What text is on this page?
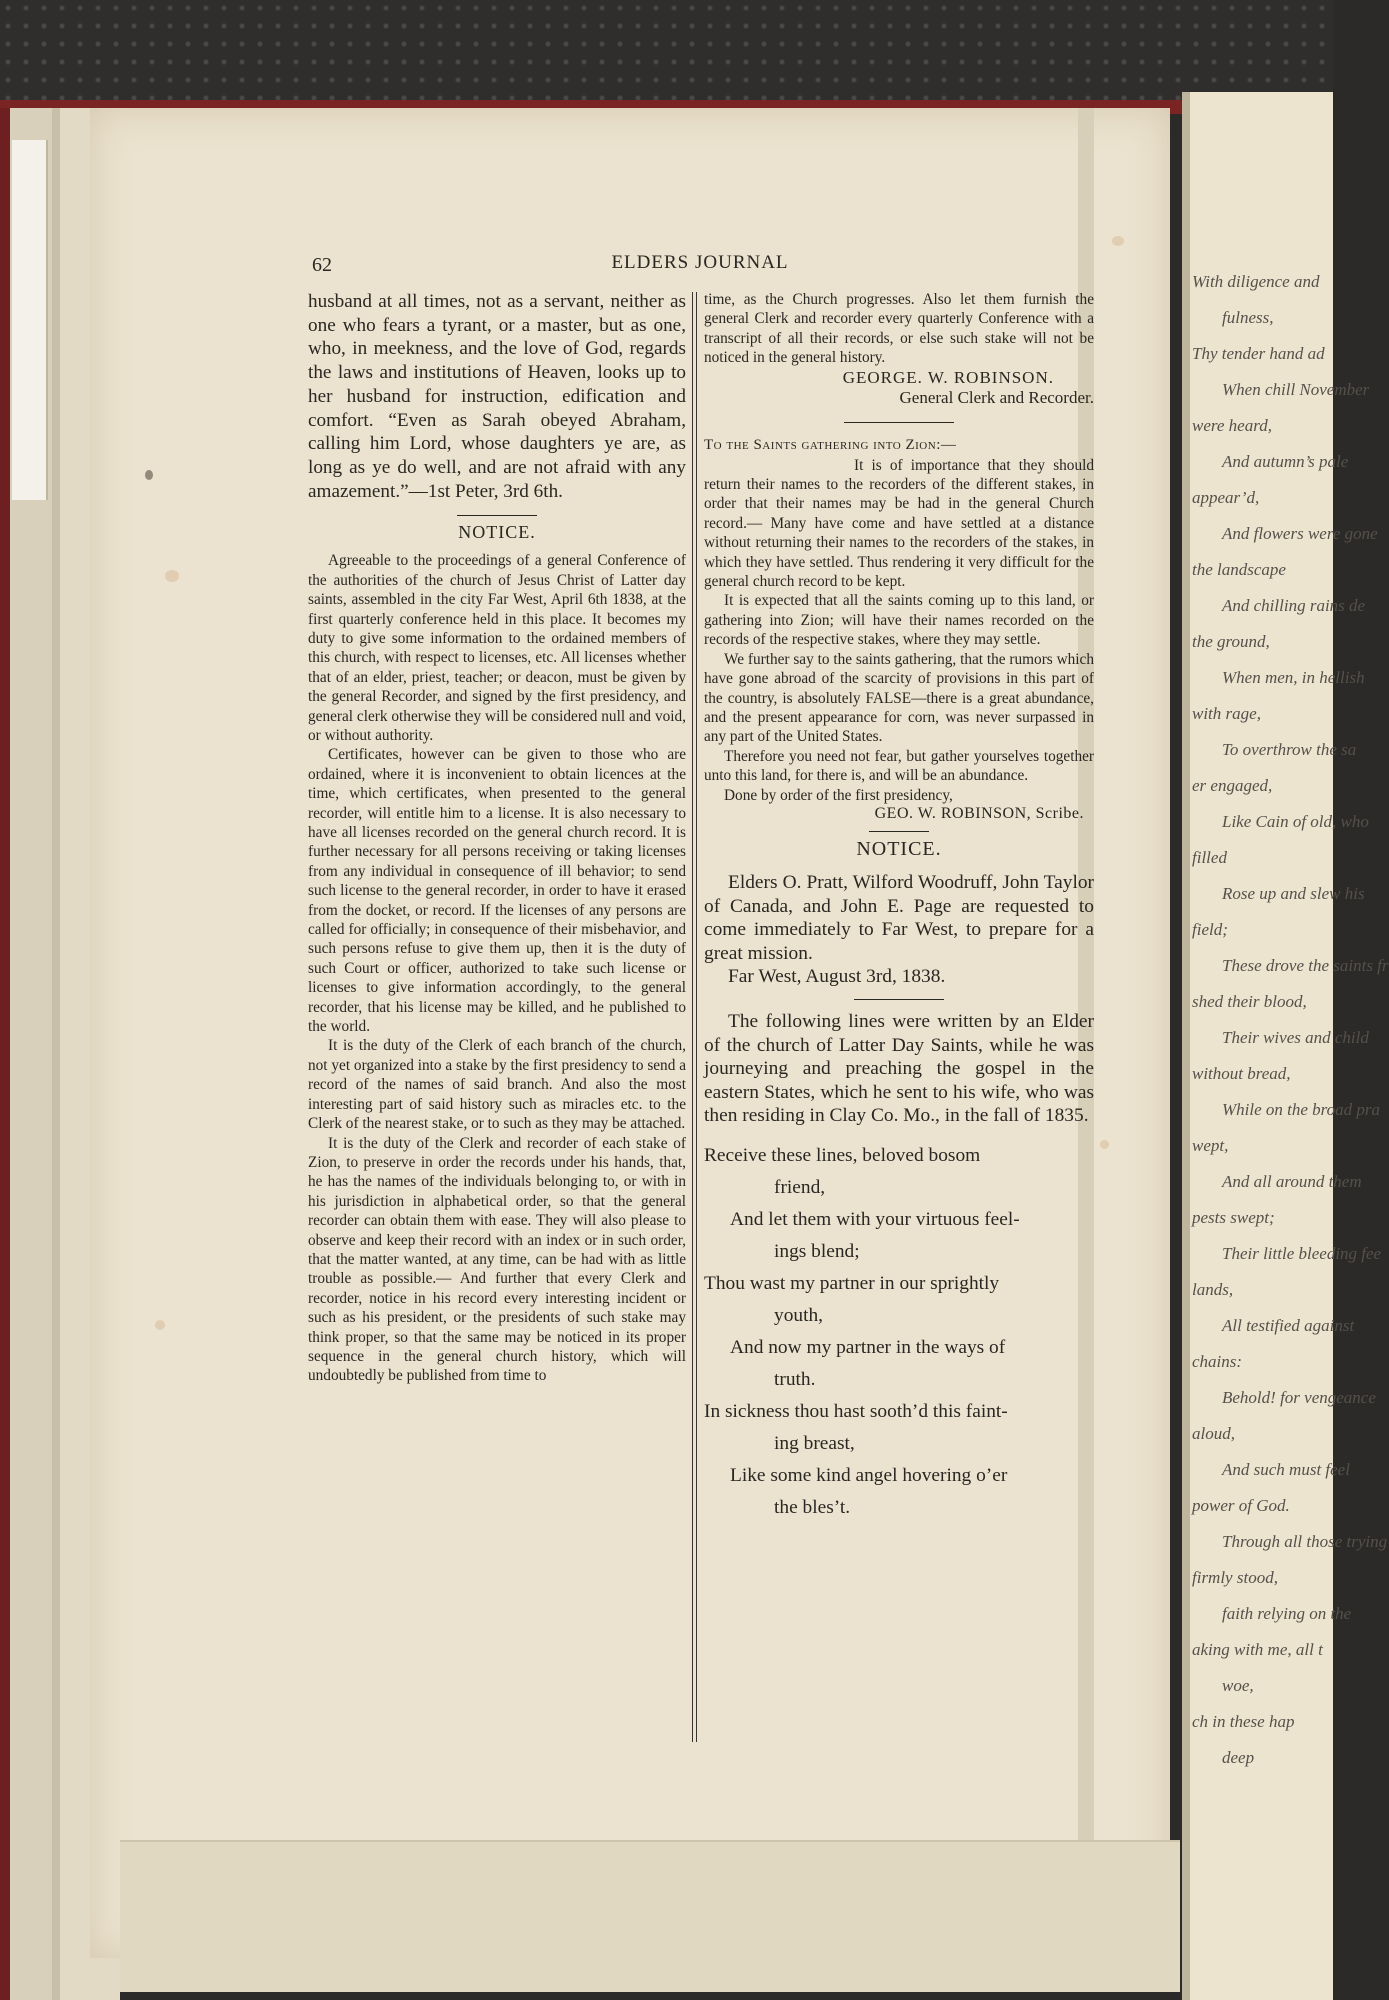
With diligence and
fulness,
Thy tender hand ad
When chill November
were heard,
And autumn’s pale
appear’d,
And flowers were gone
the landscape
And chilling rains de
the ground,
When men, in hellish
with rage,
To overthrow the sa
er engaged,
Like Cain of old, who
filled
Rose up and slew his
field;
These drove the saints fr
shed their blood,
Their wives and child
without bread,
While on the broad pra
wept,
And all around them
pests swept;
Their little bleeding fee
lands,
All testified against
chains:
Behold! for vengeance
aloud,
And such must feel
power of God.
Through all those trying
firmly stood,
faith relying on the
aking with me, all t
woe,
ch in these hap
deep
62	ELDERS JOURNAL

husband at all times, not as a servant, neither as one who fears a tyrant, or a master, but as one, who, in meekness, and the love of God, regards the laws and institutions of Heaven, looks up to her husband for instruction, edification and comfort. “Even as Sarah obeyed Abraham, calling him Lord, whose daughters ye are, as long as ye do well, and are not afraid with any amazement.”—1st Peter, 3rd 6th.

NOTICE.

Agreeable to the proceedings of a general Conference of the authorities of the church of Jesus Christ of Latter day saints, assembled in the city Far West, April 6th 1838, at the first quarterly conference held in this place. It becomes my duty to give some information to the ordained members of this church, with respect to licenses, etc. All licenses whether that of an elder, priest, teacher; or deacon, must be given by the general Recorder, and signed by the first presidency, and general clerk otherwise they will be considered null and void, or without authority.

Certificates, however can be given to those who are ordained, where it is inconvenient to obtain licences at the time, which certificates, when presented to the general recorder, will entitle him to a license. It is also necessary to have all licenses recorded on the general church record. It is further necessary for all persons receiving or taking licenses from any individual in consequence of ill behavior; to send such license to the general recorder, in order to have it erased from the docket, or record. If the licenses of any persons are called for officially; in consequence of their misbehavior, and such persons refuse to give them up, then it is the duty of such Court or officer, authorized to take such license or licenses to give information accordingly, to the general recorder, that his license may be killed, and he published to the world.

It is the duty of the Clerk of each branch of the church, not yet organized into a stake by the first presidency to send a record of the names of said branch. And also the most interesting part of said history such as miracles etc. to the Clerk of the nearest stake, or to such as they may be attached.

It is the duty of the Clerk and recorder of each stake of Zion, to preserve in order the records under his hands, that, he has the names of the individuals belonging to, or with in his jurisdiction in alphabetical order, so that the general recorder can obtain them with ease. They will also please to observe and keep their record with an index or in such order, that the matter wanted, at any time, can be had with as little trouble as possible.— And further that every Clerk and recorder, notice in his record every interesting incident or such as his president, or the presidents of such stake may think proper, so that the same may be noticed in its proper sequence in the general church history, which will undoubtedly be published from time to

time, as the Church progresses. Also let them furnish the general Clerk and recorder every quarterly Conference with a transcript of all their records, or else such stake will not be noticed in the general history.

GEORGE. W. ROBINSON.

General Clerk and Recorder.

To the Saints gathering into Zion:—

It is of importance that they should return their names to the recorders of the different stakes, in order that their names may be had in the general Church record.— Many have come and have settled at a distance without returning their names to the recorders of the stakes, in which they have settled. Thus rendering it very difficult for the general church record to be kept.

It is expected that all the saints coming up to this land, or gathering into Zion; will have their names recorded on the records of the respective stakes, where they may settle.

We further say to the saints gathering, that the rumors which have gone abroad of the scarcity of provisions in this part of the country, is absolutely FALSE—there is a great abundance, and the present appearance for corn, was never surpassed in any part of the United States.

Therefore you need not fear, but gather yourselves together unto this land, for there is, and will be an abundance.

Done by order of the first presidency,

GEO. W. ROBINSON, Scribe.

NOTICE.

Elders O. Pratt, Wilford Woodruff, John Taylor of Canada, and John E. Page are requested to come immediately to Far West, to prepare for a great mission.

Far West, August 3rd, 1838.

The following lines were written by an Elder of the church of Latter Day Saints, while he was journeying and preaching the gospel in the eastern States, which he sent to his wife, who was then residing in Clay Co. Mo., in the fall of 1835.

Receive these lines, beloved bosom
friend,

And let them with your virtuous feel-
ings blend;

Thou wast my partner in our sprightly
youth,

And now my partner in the ways of
truth.

In sickness thou hast sooth’d this faint-
ing breast,

Like some kind angel hovering o’er
the bles’t.
